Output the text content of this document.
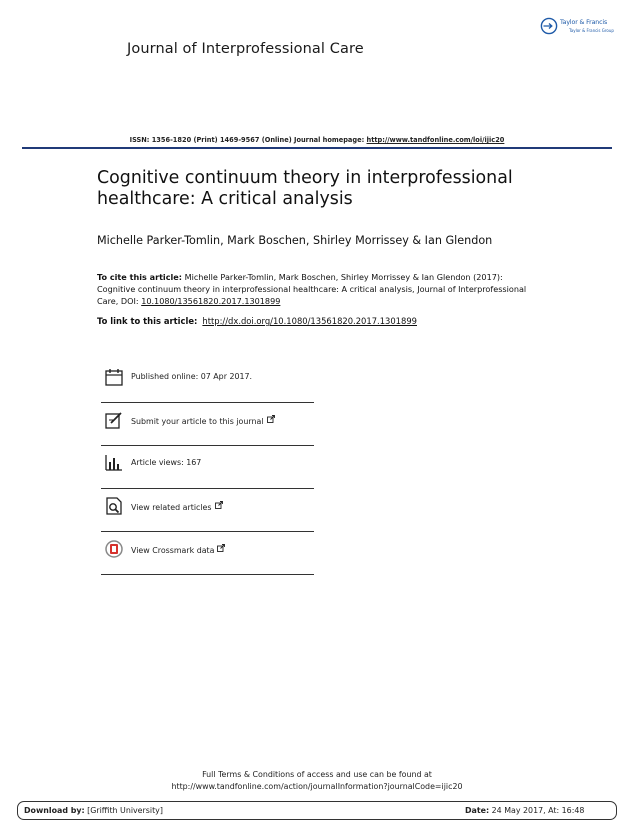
Journal of Interprofessional Care
Taylor & Francis
Taylor & Francis Group
ISSN: 1356-1820 (Print) 1469-9567 (Online) Journal homepage: http://www.tandfonline.com/loi/ijic20
Cognitive continuum theory in interprofessional healthcare: A critical analysis
Michelle Parker-Tomlin, Mark Boschen, Shirley Morrissey & Ian Glendon
To cite this article: Michelle Parker-Tomlin, Mark Boschen, Shirley Morrissey & Ian Glendon (2017): Cognitive continuum theory in interprofessional healthcare: A critical analysis, Journal of Interprofessional Care, DOI: 10.1080/13561820.2017.1301899
To link to this article: http://dx.doi.org/10.1080/13561820.2017.1301899
Published online: 07 Apr 2017.
Submit your article to this journal
Article views: 167
View related articles
View Crossmark data
Full Terms & Conditions of access and use can be found at
http://www.tandfonline.com/action/journalInformation?journalCode=ijic20
Download by: [Griffith University]	Date: 24 May 2017, At: 16:48
